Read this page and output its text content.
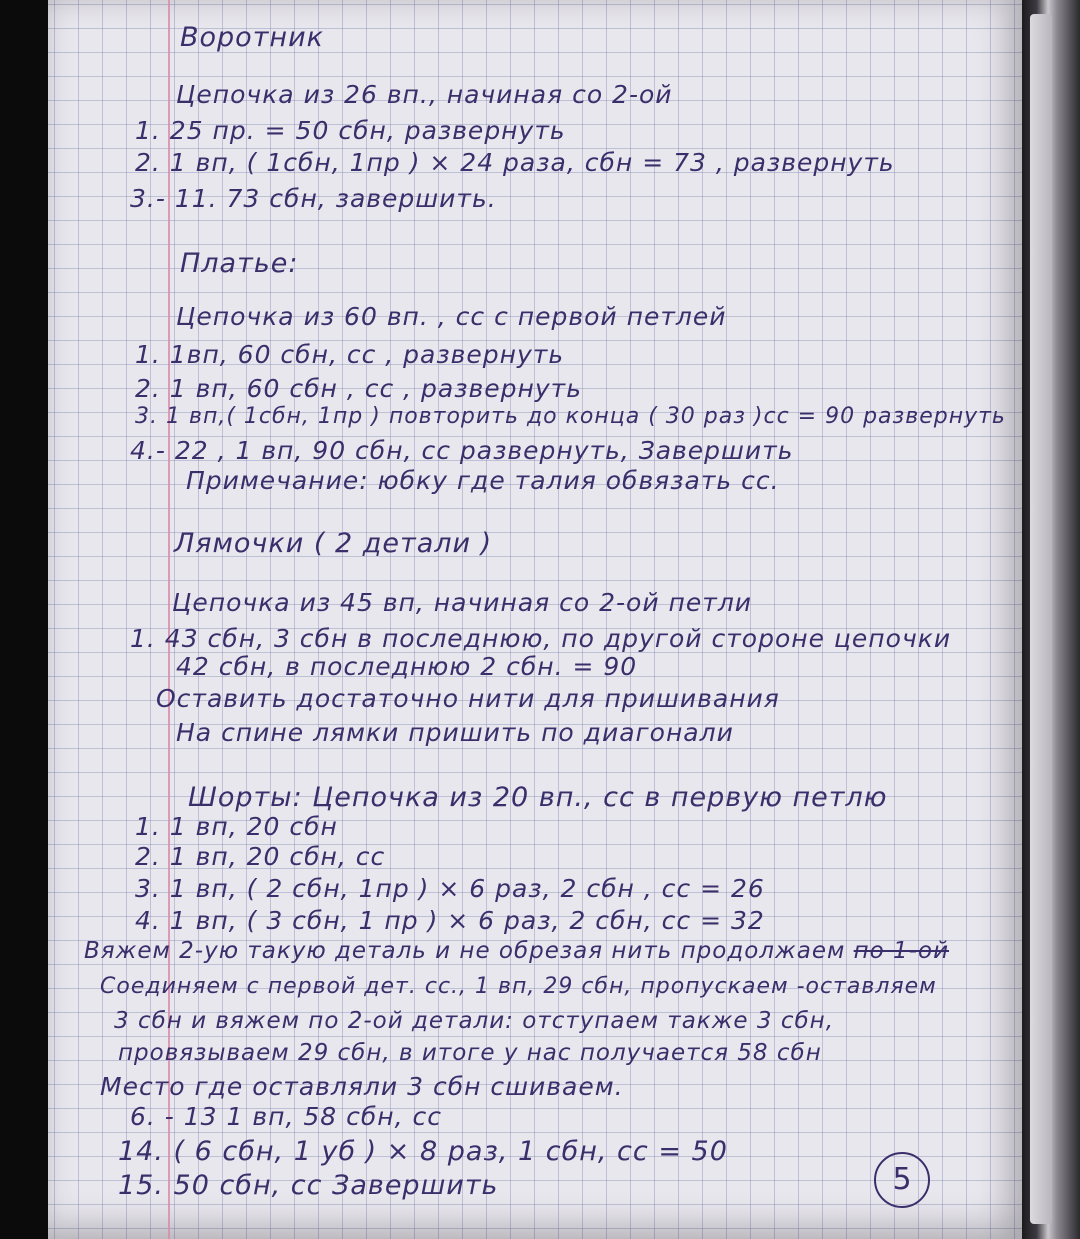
Воротник
Цепочка из 26 вп., начиная со 2-ой
1. 25 пр. = 50 сбн, развернуть
2. 1 вп, ( 1сбн, 1пр ) × 24 раза, сбн = 73 , развернуть
3.- 11. 73 сбн, завершить.
Платье:
Цепочка из 60 вп. , сс с первой петлей
1. 1вп, 60 сбн, сс , развернуть
2. 1 вп, 60 сбн , сс , развернуть
3. 1 вп,( 1сбн, 1пр ) повторить до конца ( 30 раз )сс = 90 развернуть
4.- 22 , 1 вп, 90 сбн, сс развернуть, Завершить
Примечание: юбку где талия обвязать сс.
Лямочки ( 2 детали )
Цепочка из 45 вп, начиная со 2-ой петли
1. 43 сбн, 3 сбн в последнюю, по другой стороне цепочки
42 сбн, в последнюю 2 сбн. = 90
Оставить достаточно нити для пришивания
На спине лямки пришить по диагонали
Шорты: Цепочка из 20 вп., сс в первую петлю
1. 1 вп, 20 сбн
2. 1 вп, 20 сбн, сс
3. 1 вп, ( 2 сбн, 1пр ) × 6 раз, 2 сбн , сс = 26
4. 1 вп, ( 3 сбн, 1 пр ) × 6 раз, 2 сбн, сс = 32
Вяжем 2-ую такую деталь и не обрезая нить продолжаем по 1-ой
Соединяем с первой дет. сс., 1 вп, 29 сбн, пропускаем -оставляем
3 сбн и вяжем по 2-ой детали: отступаем также 3 сбн,
провязываем 29 сбн, в итоге у нас получается 58 сбн
Место где оставляли 3 сбн сшиваем.
6. - 13 1 вп, 58 сбн, сс
14. ( 6 сбн, 1 уб ) × 8 раз, 1 сбн, сс = 50
15. 50 сбн, сс Завершить	5
